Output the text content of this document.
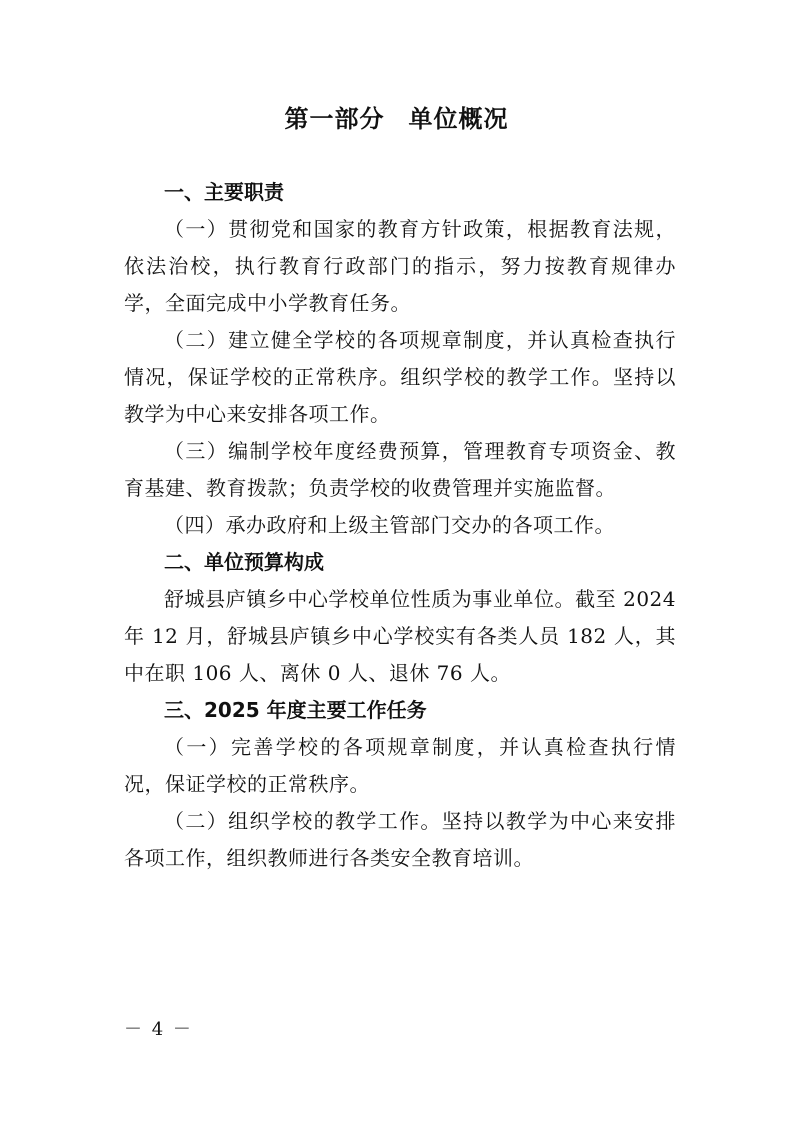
第一部分 单位概况
一、主要职责

（一）贯彻党和国家的教育方针政策，根据教育法规，依法治校，执行教育行政部门的指示，努力按教育规律办学，全面完成中小学教育任务。

（二）建立健全学校的各项规章制度，并认真检查执行情况，保证学校的正常秩序。组织学校的教学工作。坚持以教学为中心来安排各项工作。

（三）编制学校年度经费预算，管理教育专项资金、教育基建、教育拨款；负责学校的收费管理并实施监督。

（四）承办政府和上级主管部门交办的各项工作。

二、单位预算构成

舒城县庐镇乡中心学校单位性质为事业单位。截至 2024 年 12 月，舒城县庐镇乡中心学校实有各类人员 182 人，其中在职 106 人、离休 0 人、退休 76 人。

三、2025 年度主要工作任务

（一）完善学校的各项规章制度，并认真检查执行情况，保证学校的正常秩序。

（二）组织学校的教学工作。坚持以教学为中心来安排各项工作，组织教师进行各类安全教育培训。

－ 4 －
